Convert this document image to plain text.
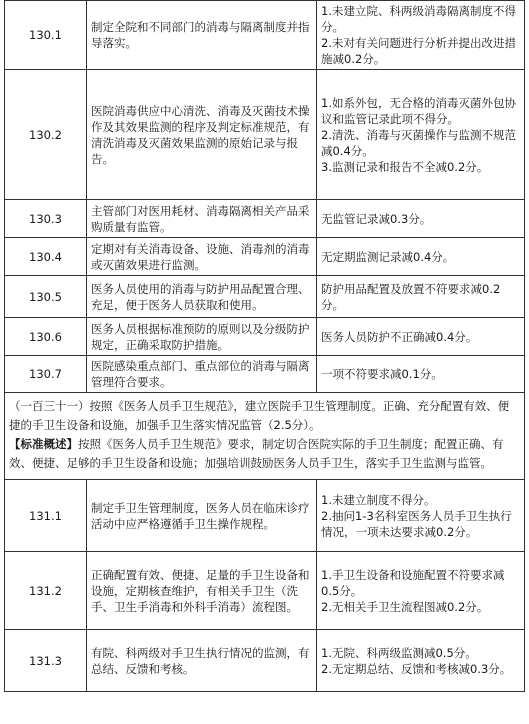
130.1	制定全院和不同部门的消毒与隔离制度并指导落实。	1.未建立院、科两级消毒隔离制度不得分。
2.未对有关问题进行分析并提出改进措施减0.2分。

130.2	医院消毒供应中心清洗、消毒及灭菌技术操作及其效果监测的程序及判定标准规范，有清洗消毒及灭菌效果监测的原始记录与报告。	1.如系外包，无合格的消毒灭菌外包协议和监管记录此项不得分。
2.清洗、消毒与灭菌操作与监测不规范减0.4分。
3.监测记录和报告不全减0.2分。

130.3	主管部门对医用耗材、消毒隔离相关产品采购质量有监管。	无监管记录减0.3分。

130.4	定期对有关消毒设备、设施、消毒剂的消毒或灭菌效果进行监测。	无定期监测记录减0.4分。

130.5	医务人员使用的消毒与防护用品配置合理、充足，便于医务人员获取和使用。	防护用品配置及放置不符要求减0.2分。

130.6	医务人员根据标准预防的原则以及分级防护规定，正确采取防护措施。	医务人员防护不正确减0.4分。

130.7	医院感染重点部门、重点部位的消毒与隔离管理符合要求。	一项不符要求减0.1分。

（一百三十一）按照《医务人员手卫生规范》，建立医院手卫生管理制度。正确、充分配置有效、便捷的手卫生设备和设施，加强手卫生落实情况监管（2.5分）。

【标准概述】按照《医务人员手卫生规范》要求，制定切合医院实际的手卫生制度；配置正确、有效、便捷、足够的手卫生设备和设施；加强培训鼓励医务人员手卫生，落实手卫生监测与监管。

131.1	制定手卫生管理制度，医务人员在临床诊疗活动中应严格遵循手卫生操作规程。	1.未建立制度不得分。
2.抽问1-3名科室医务人员手卫生执行情况，一项未达要求减0.2分。

131.2	正确配置有效、便捷、足量的手卫生设备和设施，定期核查维护，有相关手卫生（洗手、卫生手消毒和外科手消毒）流程图。	1.手卫生设备和设施配置不符要求减0.5分。
2.无相关手卫生流程图减0.2分。

131.3	有院、科两级对手卫生执行情况的监测，有总结、反馈和考核。	1.无院、科两级监测减0.5分。
2.无定期总结、反馈和考核减0.3分。
